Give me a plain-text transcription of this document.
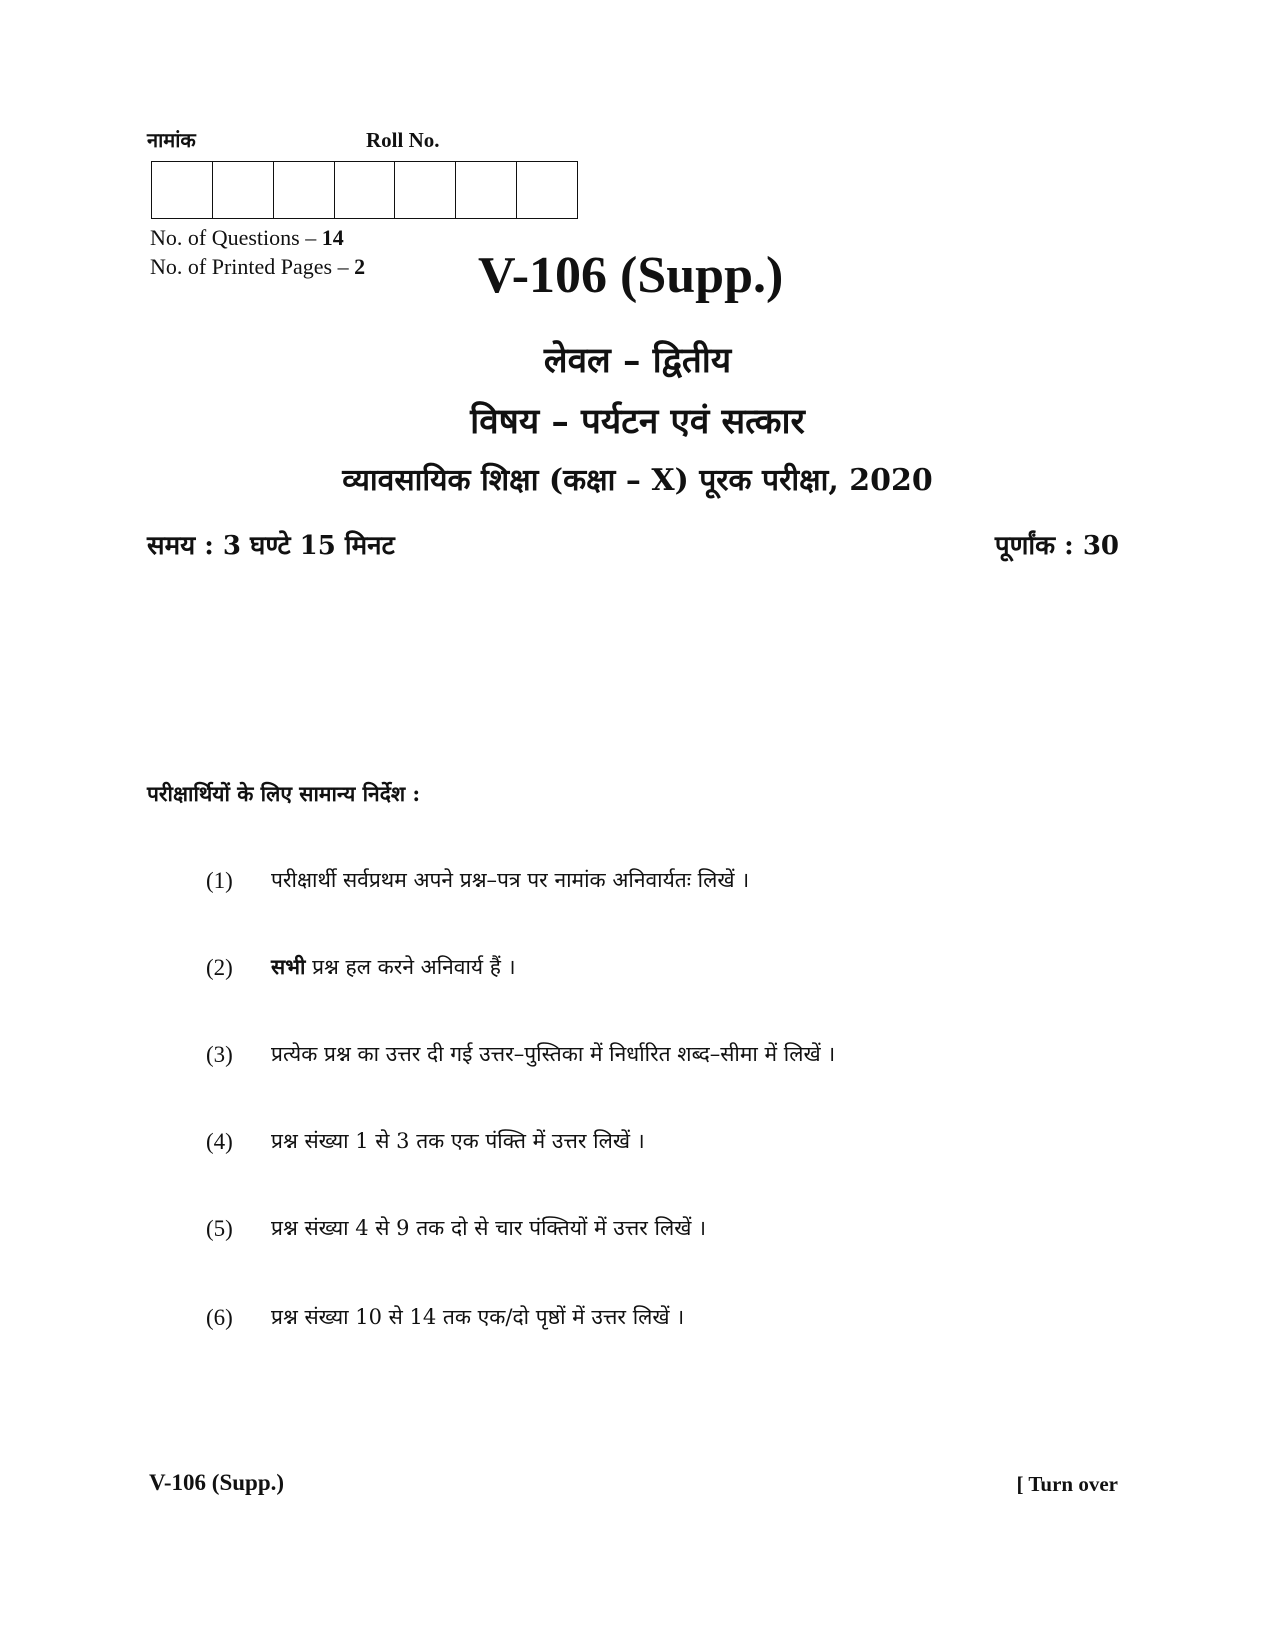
नामांक	Roll No.
No. of Questions – 14
No. of Printed Pages – 2 V-106 (Supp.)
लेवल – द्वितीय
विषय – पर्यटन एवं सत्कार
व्यावसायिक शिक्षा (कक्षा – X) पूरक परीक्षा, 2020
समय : 3 घण्टे 15 मिनट	पूर्णांक : 30
परीक्षार्थियों के लिए सामान्य निर्देश :
(1) परीक्षार्थी सर्वप्रथम अपने प्रश्न–पत्र पर नामांक अनिवार्यतः लिखें ।
(2) सभी प्रश्न हल करने अनिवार्य हैं ।
(3) प्रत्येक प्रश्न का उत्तर दी गई उत्तर–पुस्तिका में निर्धारित शब्द–सीमा में लिखें ।
(4) प्रश्न संख्या 1 से 3 तक एक पंक्ति में उत्तर लिखें ।
(5) प्रश्न संख्या 4 से 9 तक दो से चार पंक्तियों में उत्तर लिखें ।
(6) प्रश्न संख्या 10 से 14 तक एक/दो पृष्ठों में उत्तर लिखें ।
V-106 (Supp.)	[ Turn over
